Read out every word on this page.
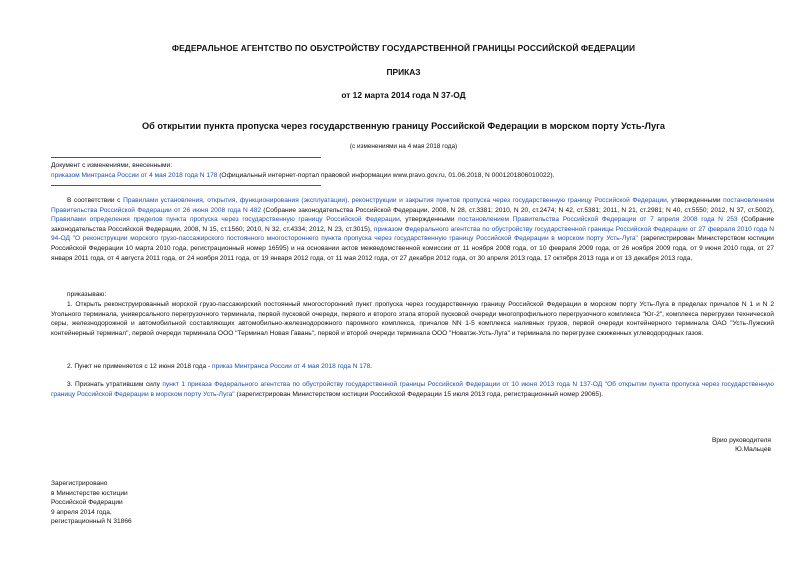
ФЕДЕРАЛЬНОЕ АГЕНТСТВО ПО ОБУСТРОЙСТВУ ГОСУДАРСТВЕННОЙ ГРАНИЦЫ РОССИЙСКОЙ ФЕДЕРАЦИИ
ПРИКАЗ
от 12 марта 2014 года N 37-ОД
Об открытии пункта пропуска через государственную границу Российской Федерации в морском порту Усть-Луга
(с изменениями на 4 мая 2018 года)
Документ с изменениями, внесенными:
приказом Минтранса России от 4 мая 2018 года N 178 (Официальный интернет-портал правовой информации www.pravo.gov.ru, 01.06.2018, N 0001201806010022).
В соответствии с Правилами установления, открытия, функционирования (эксплуатации), реконструкции и закрытия пунктов пропуска через государственную границу Российской Федерации, утвержденными постановлением Правительства Российской Федерации от 26 июня 2008 года N 482 (Собрание законодательства Российской Федерации, 2008, N 28, ст.3381; 2010, N 20, ст.2474; N 42, ст.5381; 2011, N 21, ст.2981; N 40, ст.5550; 2012, N 37, ст.5002), Правилами определения пределов пункта пропуска через государственную границу Российской Федерации, утвержденными постановлением Правительства Российской Федерации от 7 апреля 2008 года N 253 (Собрание законодательства Российской Федерации, 2008, N 15, ст.1560; 2010, N 32, ст.4334; 2012, N 23, ст.3015), приказом Федерального агентства по обустройству государственной границы Российской Федерации от 27 февраля 2010 года N 94-ОД "О реконструкции морского грузо-пассажирского постоянного многостороннего пункта пропуска через государственную границу Российской Федерации в морском порту Усть-Луга" (зарегистрирован Министерством юстиции Российской Федерации 10 марта 2010 года, регистрационный номер 16595) и на основании актов межведомственной комиссии от 11 ноября 2008 года, от 10 февраля 2009 года, от 26 ноября 2009 года, от 9 июня 2010 года, от 27 января 2011 года, от 4 августа 2011 года, от 24 ноября 2011 года, от 19 января 2012 года, от 11 мая 2012 года, от 27 декабря 2012 года, от 30 апреля 2013 года, 17 октября 2013 года и от 13 декабря 2013 года,
приказываю:
1. Открыть реконструированный морской грузо-пассажирский постоянный многосторонний пункт пропуска через государственную границу Российской Федерации в морском порту Усть-Луга в пределах причалов N 1 и N 2 Угольного терминала, универсального перегрузочного терминала, первой пусковой очереди, первого и второго этапа второй пусковой очереди многопрофильного перегрузочного комплекса "Юг-2", комплекса перегрузки технической серы, железнодорожной и автомобильной составляющих автомобильно-железнодорожного паромного комплекса, причалов NN 1-5 комплекса наливных грузов, первой очереди контейнерного терминала ОАО "Усть-Лужский контейнерный терминал", первой очереди терминала ООО "Терминал Новая Гавань", первой и второй очереди терминала ООО "Новатэк-Усть-Луга" и терминала по перегрузке сжиженных углеводородных газов.
2. Пункт не применяется с 12 июня 2018 года - приказ Минтранса России от 4 мая 2018 года N 178.
3. Признать утратившим силу пункт 1 приказа Федерального агентства по обустройству государственной границы Российской Федерации от 10 июня 2013 года N 137-ОД "Об открытии пункта пропуска через государственную границу Российской Федерации в морском порту Усть-Луга" (зарегистрирован Министерством юстиции Российской Федерации 15 июля 2013 года, регистрационный номер 29065).
Врио руководителя
Ю.Мальцев
Зарегистрировано
в Министерстве юстиции
Российской Федерации
9 апреля 2014 года,
регистрационный N 31866
